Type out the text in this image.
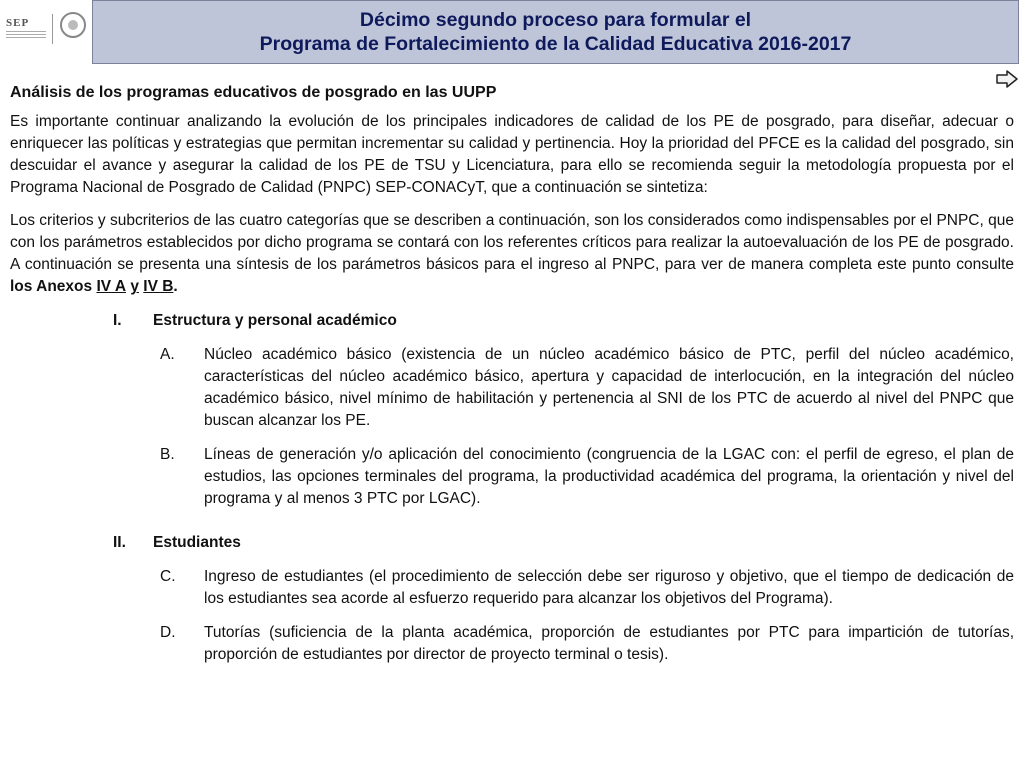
SEP	Décimo segundo proceso para formular el
Programa de Fortalecimiento de la Calidad Educativa 2016-2017
Análisis de los programas educativos de posgrado en las UUPP

Es importante continuar analizando la evolución de los principales indicadores de calidad de los PE de posgrado, para diseñar, adecuar o enriquecer las políticas y estrategias que permitan incrementar su calidad y pertinencia. Hoy la prioridad del PFCE es la calidad del posgrado, sin descuidar el avance y asegurar la calidad de los PE de TSU y Licenciatura, para ello se recomienda seguir la metodología propuesta por el Programa Nacional de Posgrado de Calidad (PNPC) SEP-CONACyT, que a continuación se sintetiza:

Los criterios y subcriterios de las cuatro categorías que se describen a continuación, son los considerados como indispensables por el PNPC, que con los parámetros establecidos por dicho programa se contará con los referentes críticos para realizar la autoevaluación de los PE de posgrado. A continuación se presenta una síntesis de los parámetros básicos para el ingreso al PNPC, para ver de manera completa este punto consulte los Anexos IV A y IV B.

I.	Estructura y personal académico
A.	Núcleo académico básico (existencia de un núcleo académico básico de PTC, perfil del núcleo académico, características del núcleo académico básico, apertura y capacidad de interlocución, en la integración del núcleo académico básico, nivel mínimo de habilitación y pertenencia al SNI de los PTC de acuerdo al nivel del PNPC que buscan alcanzar los PE.
B.	Líneas de generación y/o aplicación del conocimiento (congruencia de la LGAC con: el perfil de egreso, el plan de estudios, las opciones terminales del programa, la productividad académica del programa, la orientación y nivel del programa y al menos 3 PTC por LGAC).
II.	Estudiantes
C.	Ingreso de estudiantes (el procedimiento de selección debe ser riguroso y objetivo, que el tiempo de dedicación de los estudiantes sea acorde al esfuerzo requerido para alcanzar los objetivos del Programa).
D.	Tutorías (suficiencia de la planta académica, proporción de estudiantes por PTC para impartición de tutorías, proporción de estudiantes por director de proyecto terminal o tesis).
